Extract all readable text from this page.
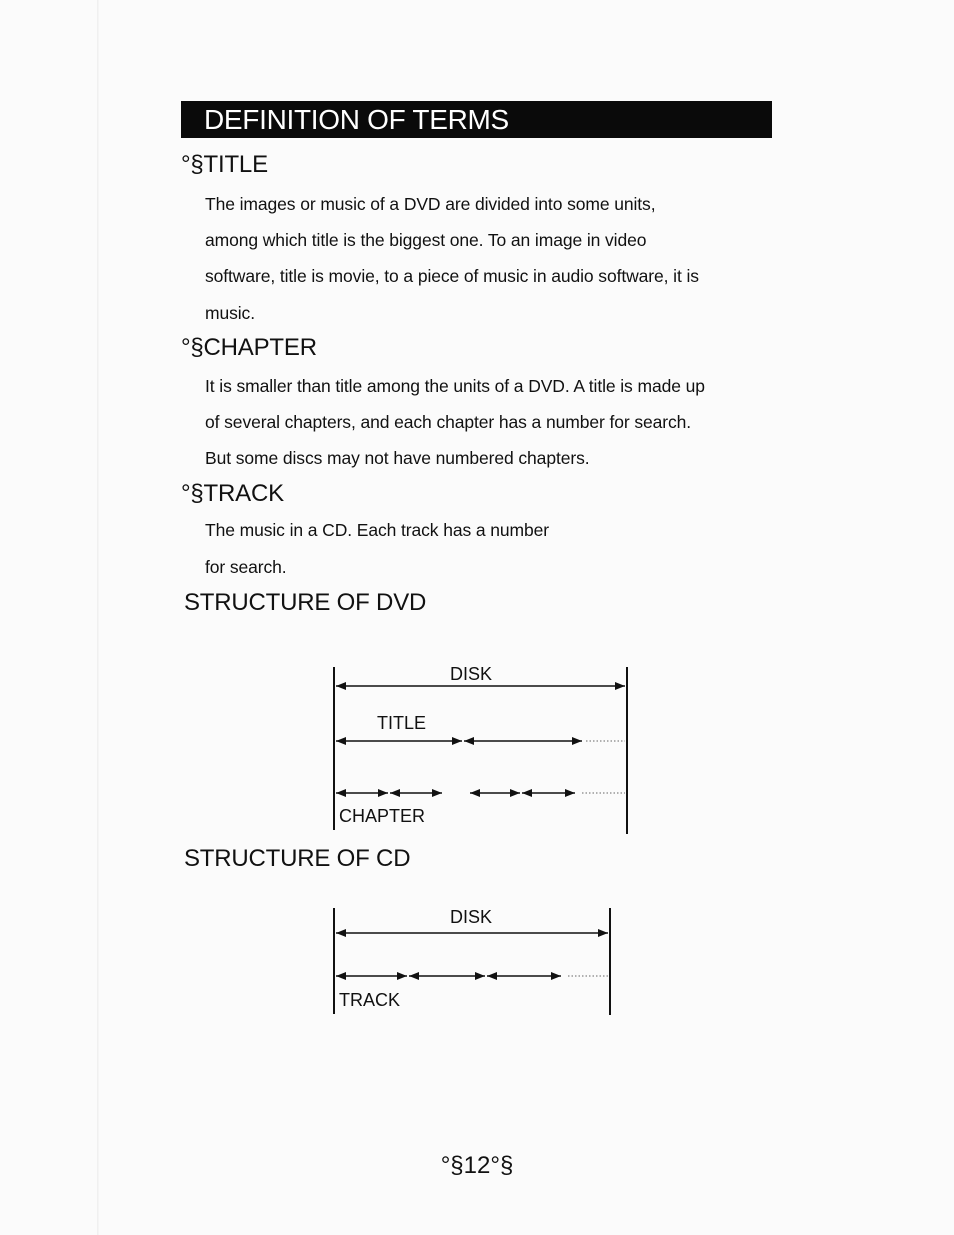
DEFINITION OF TERMS
°§TITLE
The images or music of a DVD are divided into some units,
among which title is the biggest one. To an image in video
software, title is movie, to a piece of music in audio software, it is
music.
°§CHAPTER
It is smaller than title among the units of a DVD. A title is made up
of several chapters, and each chapter has a number for search.
But some discs may not have numbered chapters.
°§TRACK
The music in a CD. Each track has a number
for search.
STRUCTURE OF DVD
DISK
TITLE
CHAPTER
DISK
TRACK
STRUCTURE OF CD
°§12°§
